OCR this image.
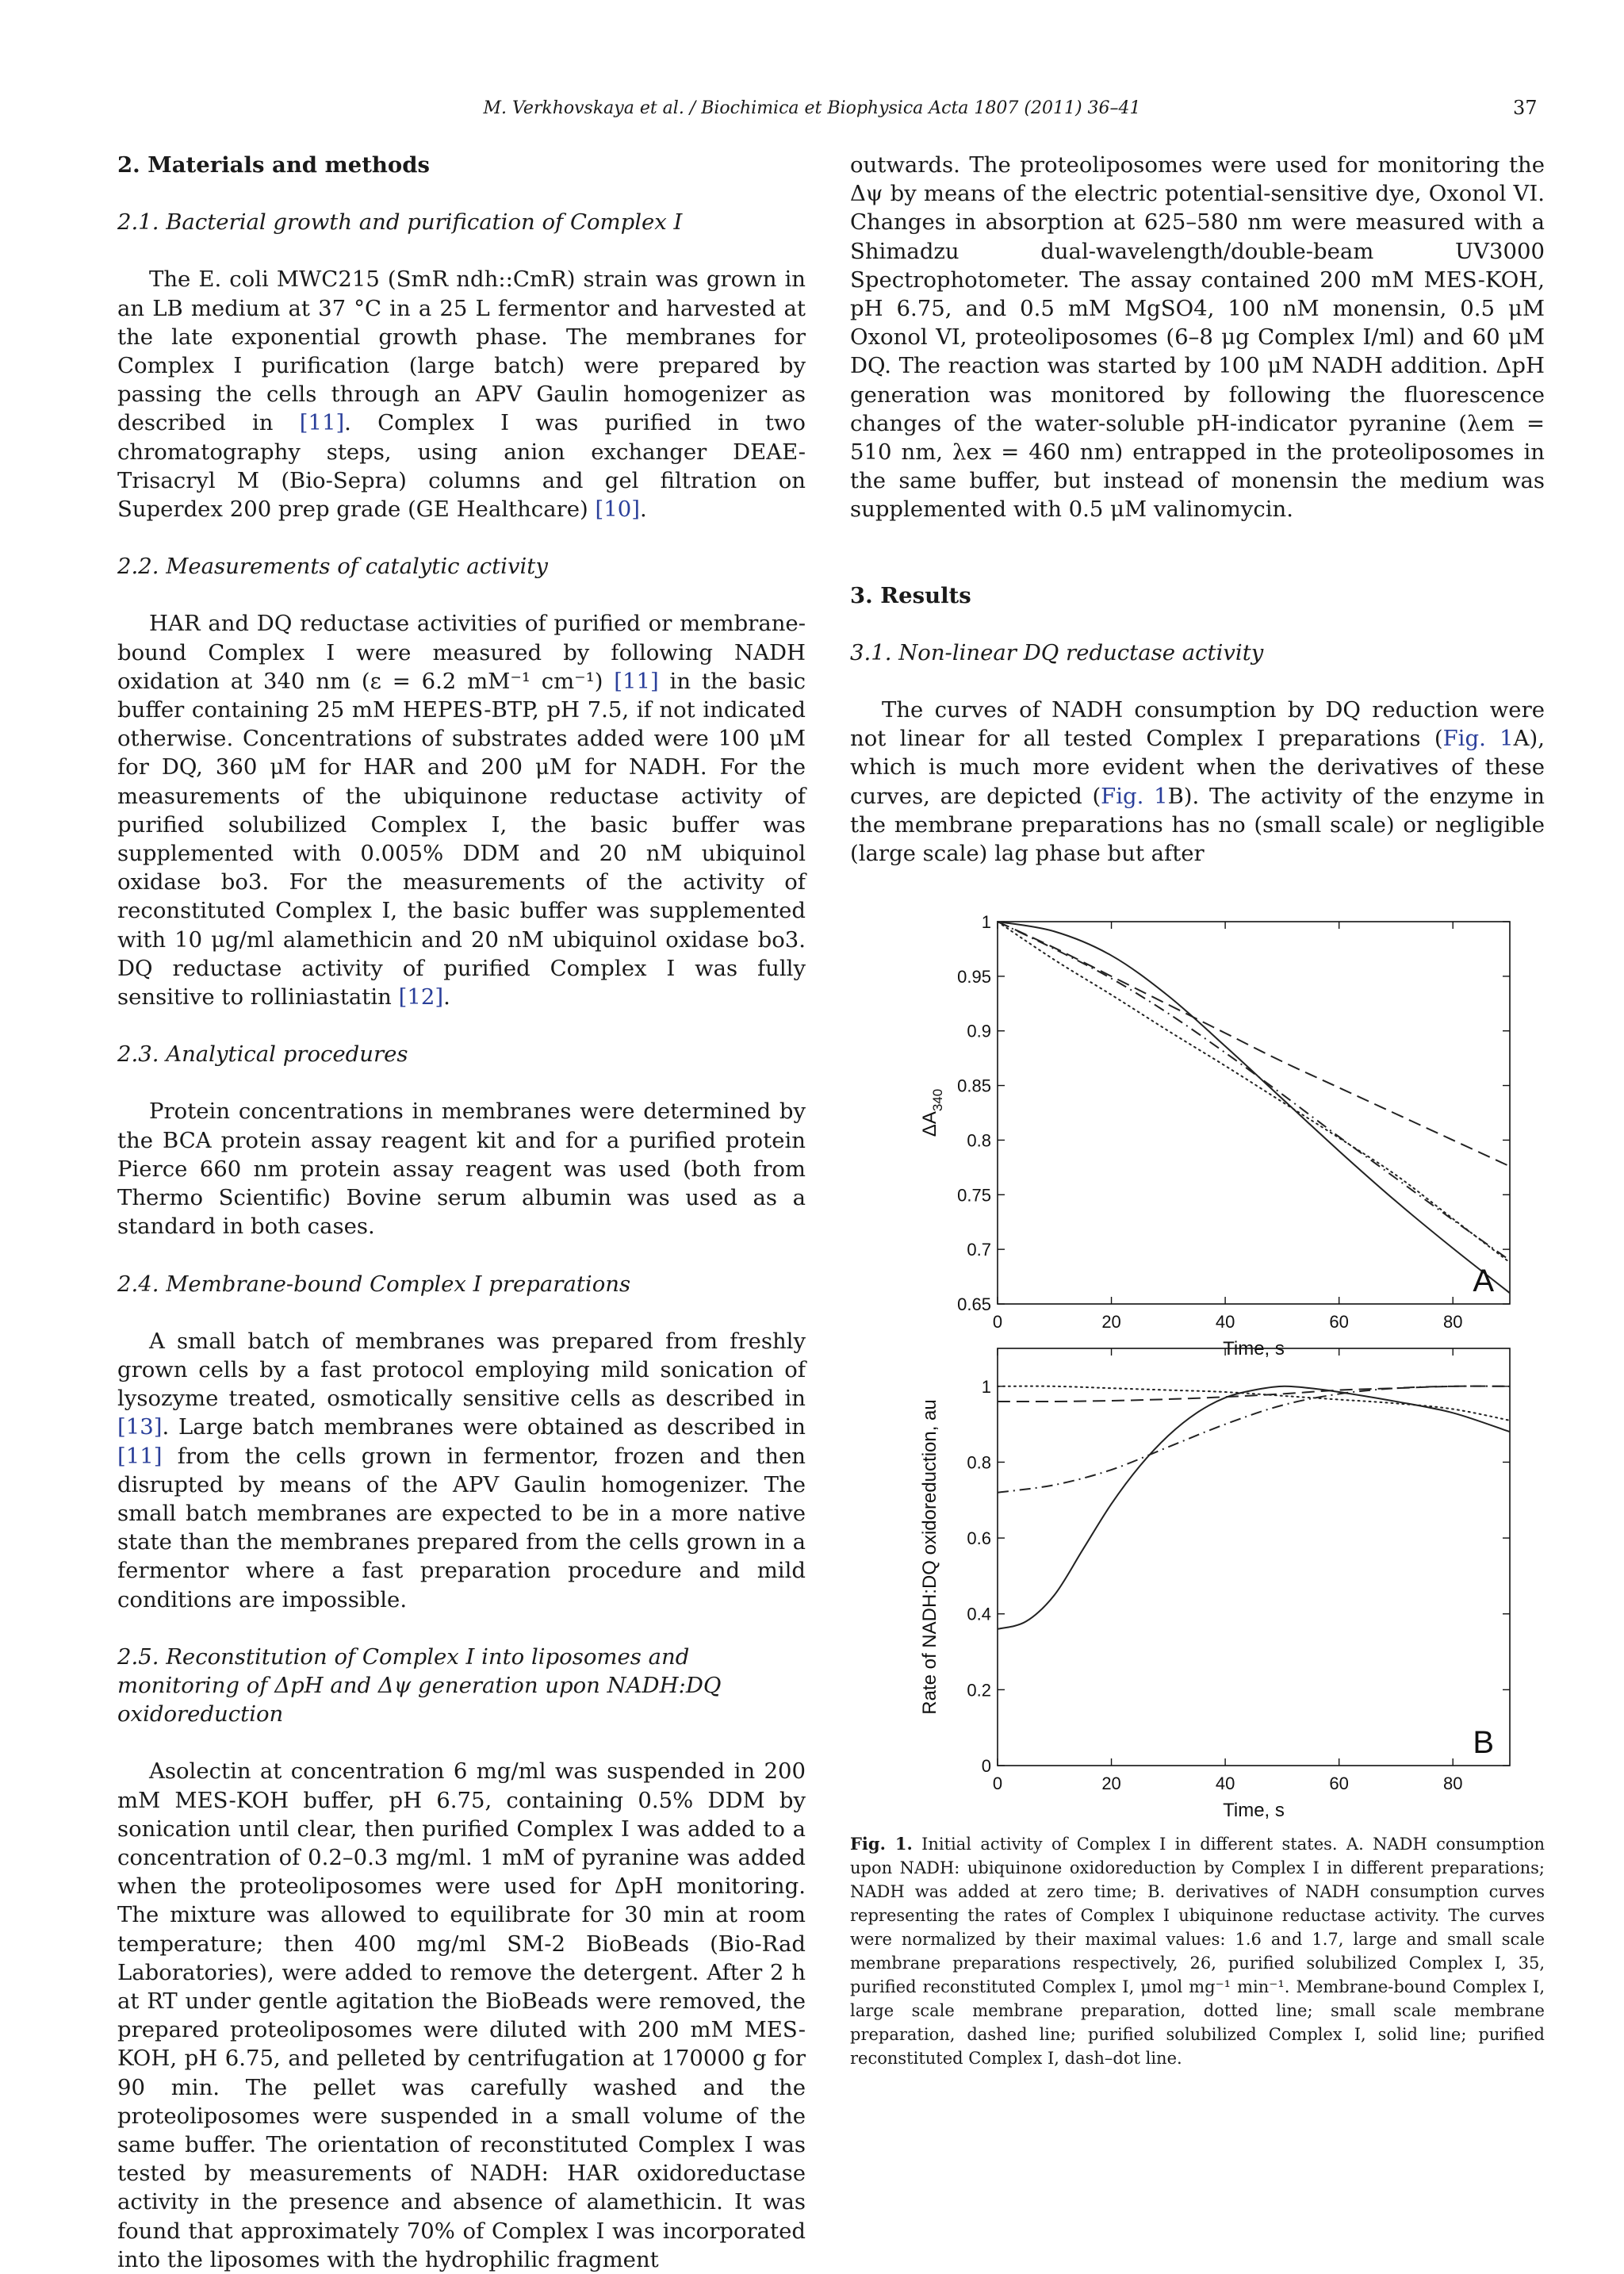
M. Verkhovskaya et al. / Biochimica et Biophysica Acta 1807 (2011) 36–41	37

2. Materials and methods

2.1. Bacterial growth and purification of Complex I

The E. coli MWC215 (SmR ndh::CmR) strain was grown in an LB medium at 37 °C in a 25 L fermentor and harvested at the late exponential growth phase. The membranes for Complex I purification (large batch) were prepared by passing the cells through an APV Gaulin homogenizer as described in [11]. Complex I was purified in two chromatography steps, using anion exchanger DEAE-Trisacryl M (Bio-Sepra) columns and gel filtration on Superdex 200 prep grade (GE Healthcare) [10].

2.2. Measurements of catalytic activity

HAR and DQ reductase activities of purified or membrane-bound Complex I were measured by following NADH oxidation at 340 nm (ε = 6.2 mM⁻¹ cm⁻¹) [11] in the basic buffer containing 25 mM HEPES-BTP, pH 7.5, if not indicated otherwise. Concentrations of substrates added were 100 μM for DQ, 360 μM for HAR and 200 μM for NADH. For the measurements of the ubiquinone reductase activity of purified solubilized Complex I, the basic buffer was supplemented with 0.005% DDM and 20 nM ubiquinol oxidase bo3. For the measurements of the activity of reconstituted Complex I, the basic buffer was supplemented with 10 μg/ml alamethicin and 20 nM ubiquinol oxidase bo3. DQ reductase activity of purified Complex I was fully sensitive to rolliniastatin [12].

2.3. Analytical procedures

Protein concentrations in membranes were determined by the BCA protein assay reagent kit and for a purified protein Pierce 660 nm protein assay reagent was used (both from Thermo Scientific) Bovine serum albumin was used as a standard in both cases.

2.4. Membrane-bound Complex I preparations

A small batch of membranes was prepared from freshly grown cells by a fast protocol employing mild sonication of lysozyme treated, osmotically sensitive cells as described in [13]. Large batch membranes were obtained as described in [11] from the cells grown in fermentor, frozen and then disrupted by means of the APV Gaulin homogenizer. The small batch membranes are expected to be in a more native state than the membranes prepared from the cells grown in a fermentor where a fast preparation procedure and mild conditions are impossible.

2.5. Reconstitution of Complex I into liposomes and monitoring of ΔpH and Δψ generation upon NADH:DQ oxidoreduction

Asolectin at concentration 6 mg/ml was suspended in 200 mM MES-KOH buffer, pH 6.75, containing 0.5% DDM by sonication until clear, then purified Complex I was added to a concentration of 0.2–0.3 mg/ml. 1 mM of pyranine was added when the proteoliposomes were used for ΔpH monitoring. The mixture was allowed to equilibrate for 30 min at room temperature; then 400 mg/ml SM-2 BioBeads (Bio-Rad Laboratories), were added to remove the detergent. After 2 h at RT under gentle agitation the BioBeads were removed, the prepared proteoliposomes were diluted with 200 mM MES-KOH, pH 6.75, and pelleted by centrifugation at 170000 g for 90 min. The pellet was carefully washed and the proteoliposomes were suspended in a small volume of the same buffer. The orientation of reconstituted Complex I was tested by measurements of NADH: HAR oxidoreductase activity in the presence and absence of alamethicin. It was found that approximately 70% of Complex I was incorporated into the liposomes with the hydrophilic fragment

outwards. The proteoliposomes were used for monitoring the Δψ by means of the electric potential-sensitive dye, Oxonol VI. Changes in absorption at 625–580 nm were measured with a Shimadzu dual-wavelength/double-beam UV3000 Spectrophotometer. The assay contained 200 mM MES-KOH, pH 6.75, and 0.5 mM MgSO4, 100 nM monensin, 0.5 μM Oxonol VI, proteoliposomes (6–8 μg Complex I/ml) and 60 μM DQ. The reaction was started by 100 μM NADH addition. ΔpH generation was monitored by following the fluorescence changes of the water-soluble pH-indicator pyranine (λem = 510 nm, λex = 460 nm) entrapped in the proteoliposomes in the same buffer, but instead of monensin the medium was supplemented with 0.5 μM valinomycin.

3. Results

3.1. Non-linear DQ reductase activity

The curves of NADH consumption by DQ reduction were not linear for all tested Complex I preparations (Fig. 1A), which is much more evident when the derivatives of these curves, are depicted (Fig. 1B). The activity of the enzyme in the membrane preparations has no (small scale) or negligible (large scale) lag phase but after

0	20	40	60	80
1
0.95
0.9
0.85
0.8
0.75
0.7
0.65
A
Time, s
$\Delta A_{340}$
0	20	40	60	80
1
0.8
0.6
0.4
0.2
0
B
Time, s
Rate of NADH:DQ oxidoreduction, au
Fig. 1. Initial activity of Complex I in different states. A. NADH consumption upon NADH: ubiquinone oxidoreduction by Complex I in different preparations; NADH was added at zero time; B. derivatives of NADH consumption curves representing the rates of Complex I ubiquinone reductase activity. The curves were normalized by their maximal values: 1.6 and 1.7, large and small scale membrane preparations respectively, 26, purified solubilized Complex I, 35, purified reconstituted Complex I, μmol mg⁻¹ min⁻¹. Membrane-bound Complex I, large scale membrane preparation, dotted line; small scale membrane preparation, dashed line; purified solubilized Complex I, solid line; purified reconstituted Complex I, dash–dot line.
